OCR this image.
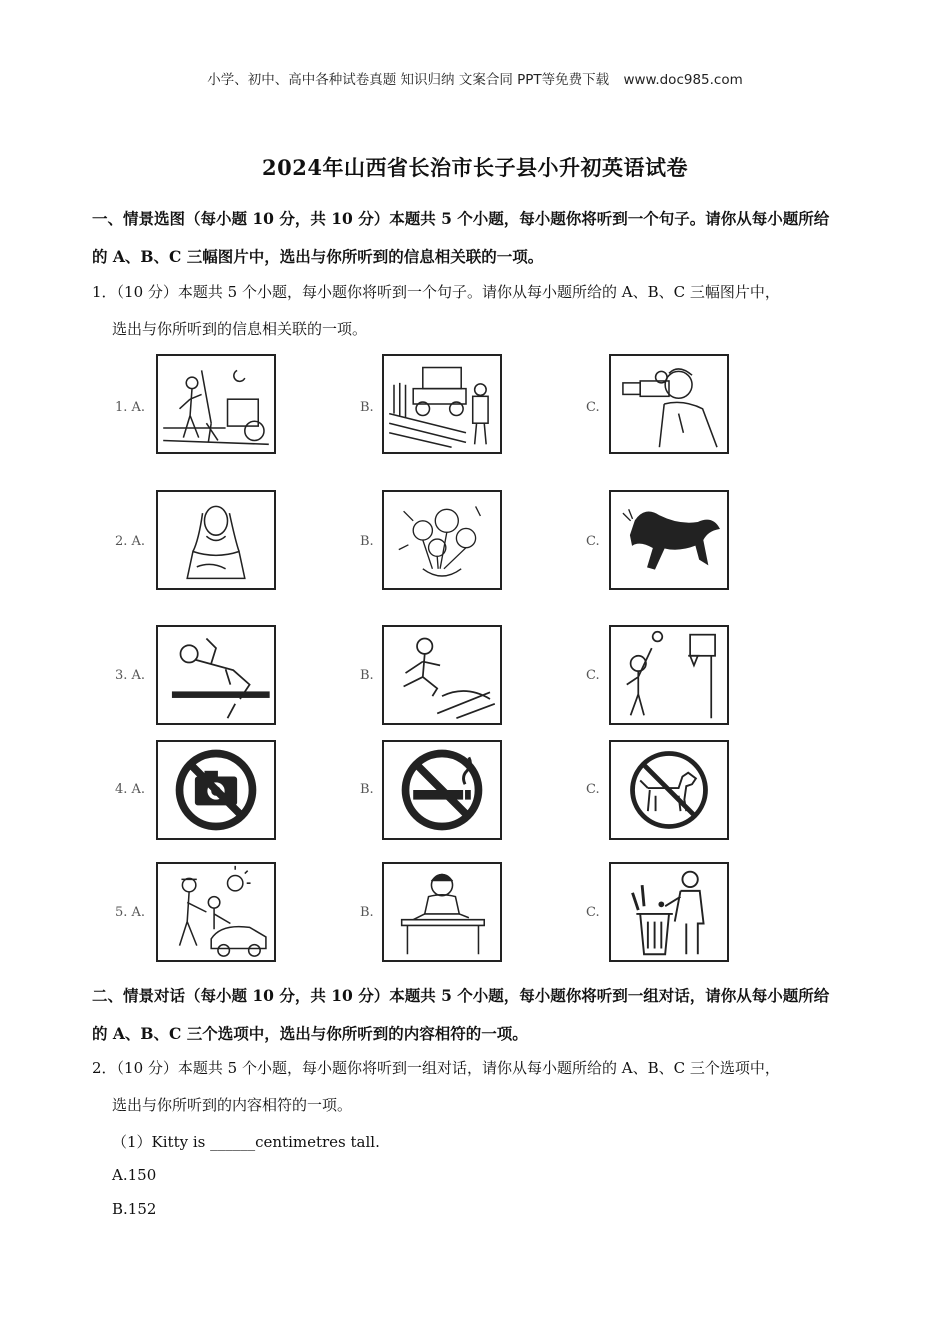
小学、初中、高中各种试卷真题 知识归纳 文案合同 PPT等免费下载 www.doc985.com
2024年山西省长治市长子县小升初英语试卷
一、情景选图（每小题 10 分，共 10 分）本题共 5 个小题，每小题你将听到一个句子。请你从每小题所给
的 A、B、C 三幅图片中，选出与你所听到的信息相关联的一项。
1．（10 分）本题共 5 个小题，每小题你将听到一个句子。请你从每小题所给的 A、B、C 三幅图片中，
选出与你所听到的信息相关联的一项。
1. A.	B.	C.
2. A.	B.	C.
3. A.	B.	C.
4. A.	B.	C.
5. A.	B.	C.
二、情景对话（每小题 10 分，共 10 分）本题共 5 个小题，每小题你将听到一组对话，请你从每小题所给
的 A、B、C 三个选项中，选出与你所听到的内容相符的一项。
2．（10 分）本题共 5 个小题，每小题你将听到一组对话，请你从每小题所给的 A、B、C 三个选项中，
选出与你所听到的内容相符的一项。
（1）Kitty is ______centimetres tall.
A.150
B.152
